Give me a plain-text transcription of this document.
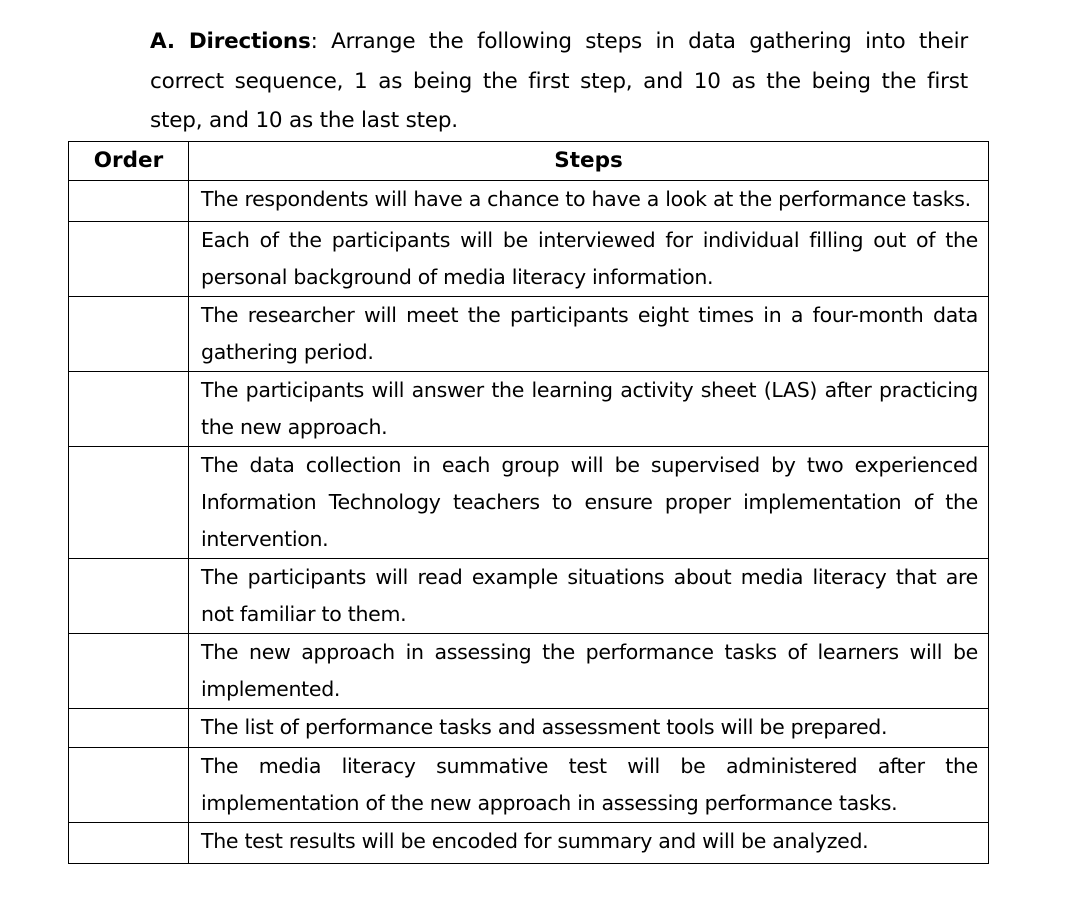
A. Directions: Arrange the following steps in data gathering into their correct sequence, 1 as being the first step, and 10 as the being the first step, and 10 as the last step.
Order	Steps
	The respondents will have a chance to have a look at the performance tasks.
	Each of the participants will be interviewed for individual filling out of the personal background of media literacy information.
	The researcher will meet the participants eight times in a four-month data gathering period.
	The participants will answer the learning activity sheet (LAS) after practicing the new approach.
	The data collection in each group will be supervised by two experienced Information Technology teachers to ensure proper implementation of the intervention.
	The participants will read example situations about media literacy that are not familiar to them.
	The new approach in assessing the performance tasks of learners will be implemented.
	The list of performance tasks and assessment tools will be prepared.
	The media literacy summative test will be administered after the implementation of the new approach in assessing performance tasks.
	The test results will be encoded for summary and will be analyzed.
